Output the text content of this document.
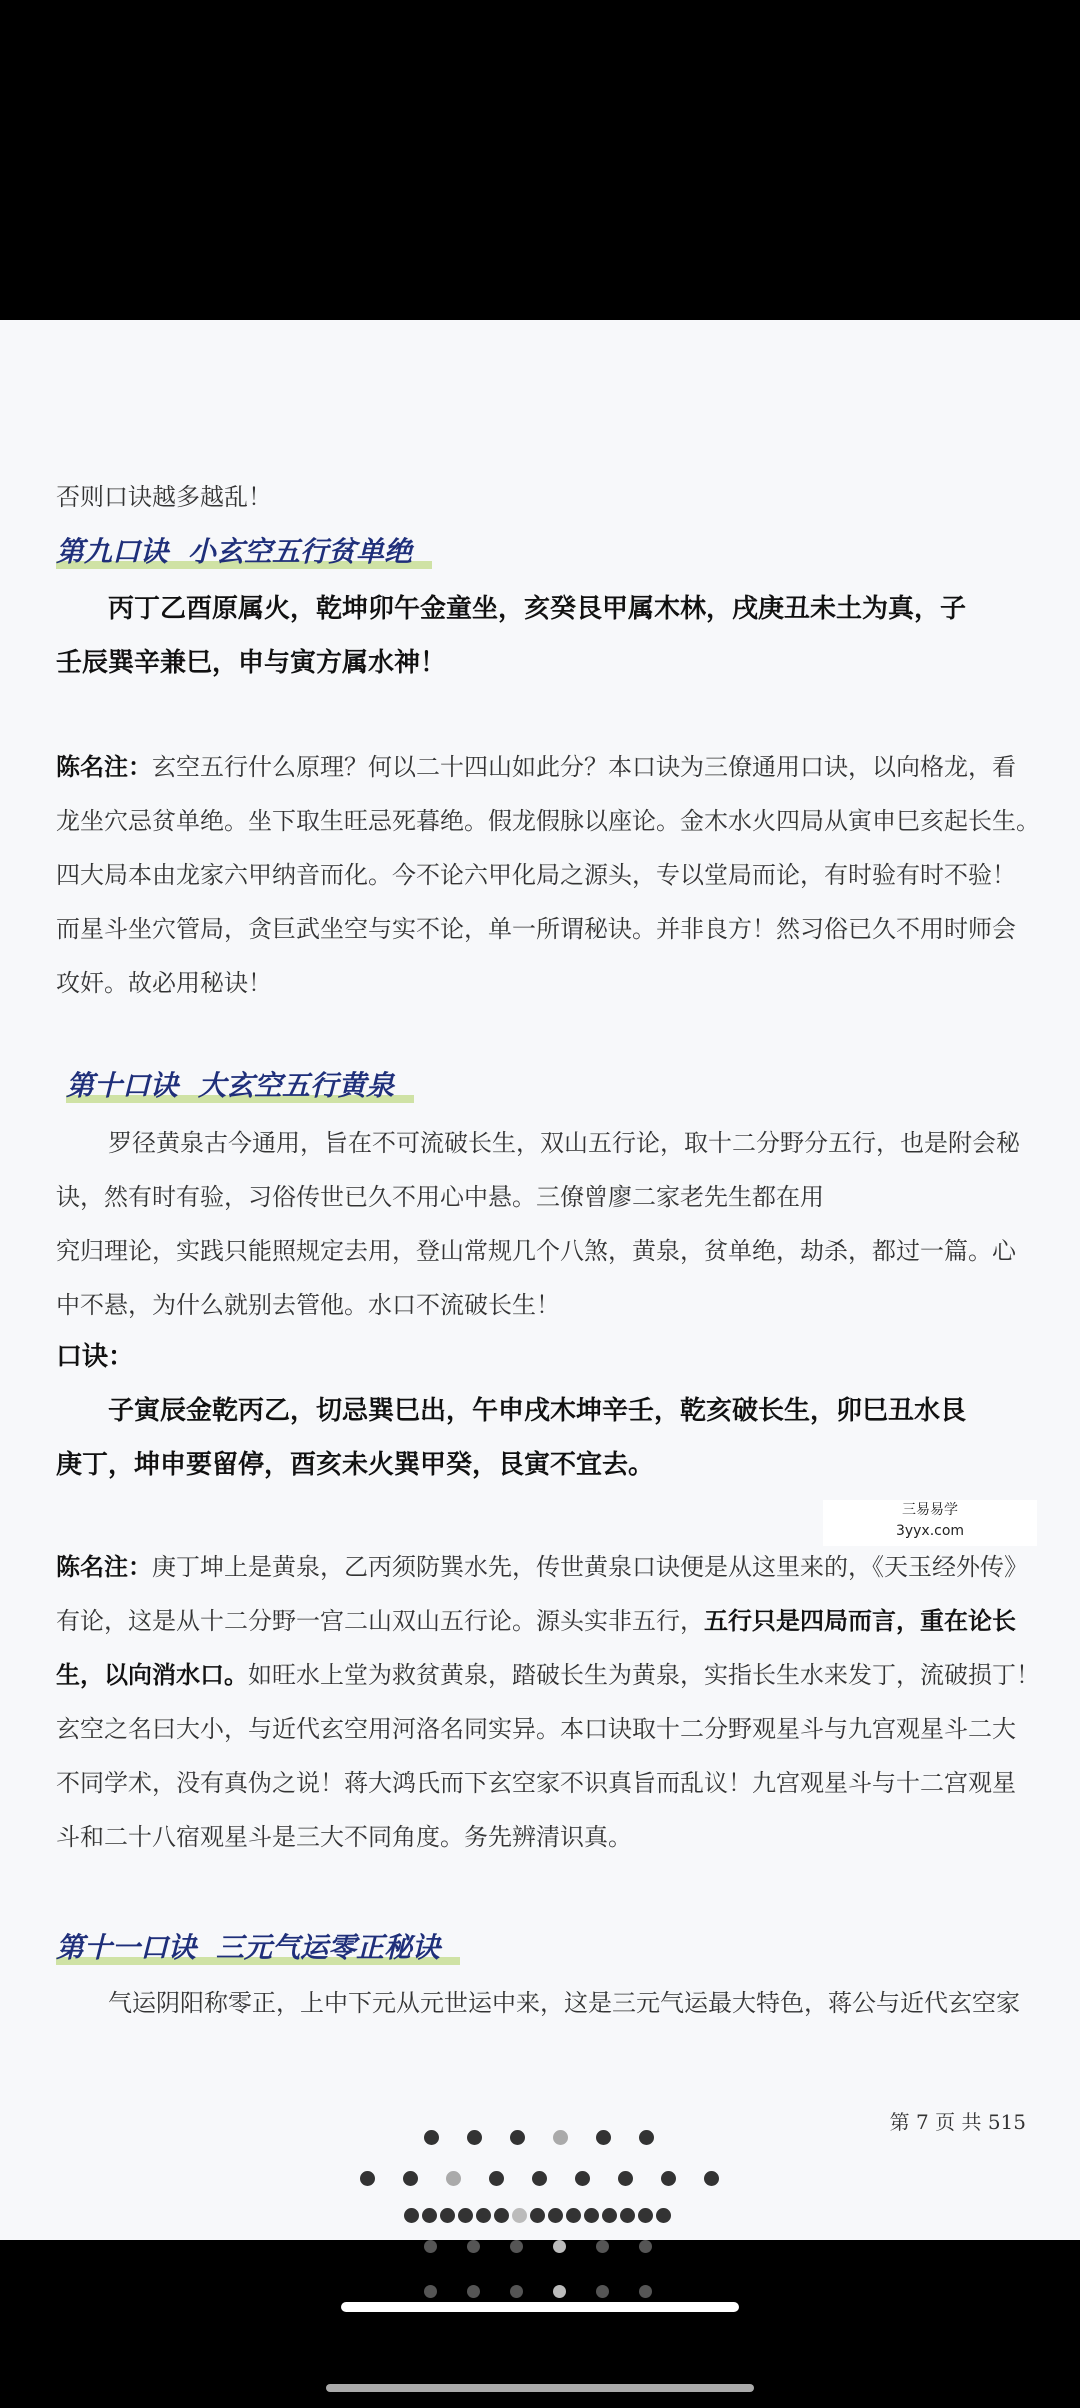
否则口诀越多越乱！
第九口诀 小玄空五行贫单绝
丙丁乙酉原属火，乾坤卯午金童坐，亥癸艮甲属木林，戌庚丑未土为真，子
壬辰巽辛兼巳，申与寅方属水神！
陈名注：玄空五行什么原理？何以二十四山如此分？本口诀为三僚通用口诀，以向格龙，看
龙坐穴忌贫单绝。坐下取生旺忌死暮绝。假龙假脉以座论。金木水火四局从寅申巳亥起长生。
四大局本由龙家六甲纳音而化。今不论六甲化局之源头，专以堂局而论，有时验有时不验！
而星斗坐穴管局，贪巨武坐空与实不论，单一所谓秘诀。并非良方！然习俗已久不用时师会
攻奸。故必用秘诀！
第十口诀 大玄空五行黄泉
罗径黄泉古今通用，旨在不可流破长生，双山五行论，取十二分野分五行，也是附会秘
诀，然有时有验，习俗传世已久不用心中悬。三僚曾廖二家老先生都在用
究归理论，实践只能照规定去用，登山常规几个八煞，黄泉，贫单绝，劫杀，都过一篇。心
中不悬，为什么就别去管他。水口不流破长生！
口诀：
子寅辰金乾丙乙，切忌巽巳出，午申戌木坤辛壬，乾亥破长生，卯巳丑水艮
庚丁，坤申要留停，酉亥未火巽甲癸，艮寅不宜去。
陈名注：庚丁坤上是黄泉，乙丙须防巽水先，传世黄泉口诀便是从这里来的，《天玉经外传》
有论，这是从十二分野一宫二山双山五行论。源头实非五行，五行只是四局而言，重在论长
生，以向消水口。如旺水上堂为救贫黄泉，踏破长生为黄泉，实指长生水来发丁，流破损丁！
玄空之名曰大小，与近代玄空用河洛名同实异。本口诀取十二分野观星斗与九宫观星斗二大
不同学术，没有真伪之说！蒋大鸿氏而下玄空家不识真旨而乱议！九宫观星斗与十二宫观星
斗和二十八宿观星斗是三大不同角度。务先辨清识真。
第十一口诀 三元气运零正秘诀
气运阴阳称零正，上中下元从元世运中来，这是三元气运最大特色，蒋公与近代玄空家
第 7 页 共 515
三易易学
3yyx.com
